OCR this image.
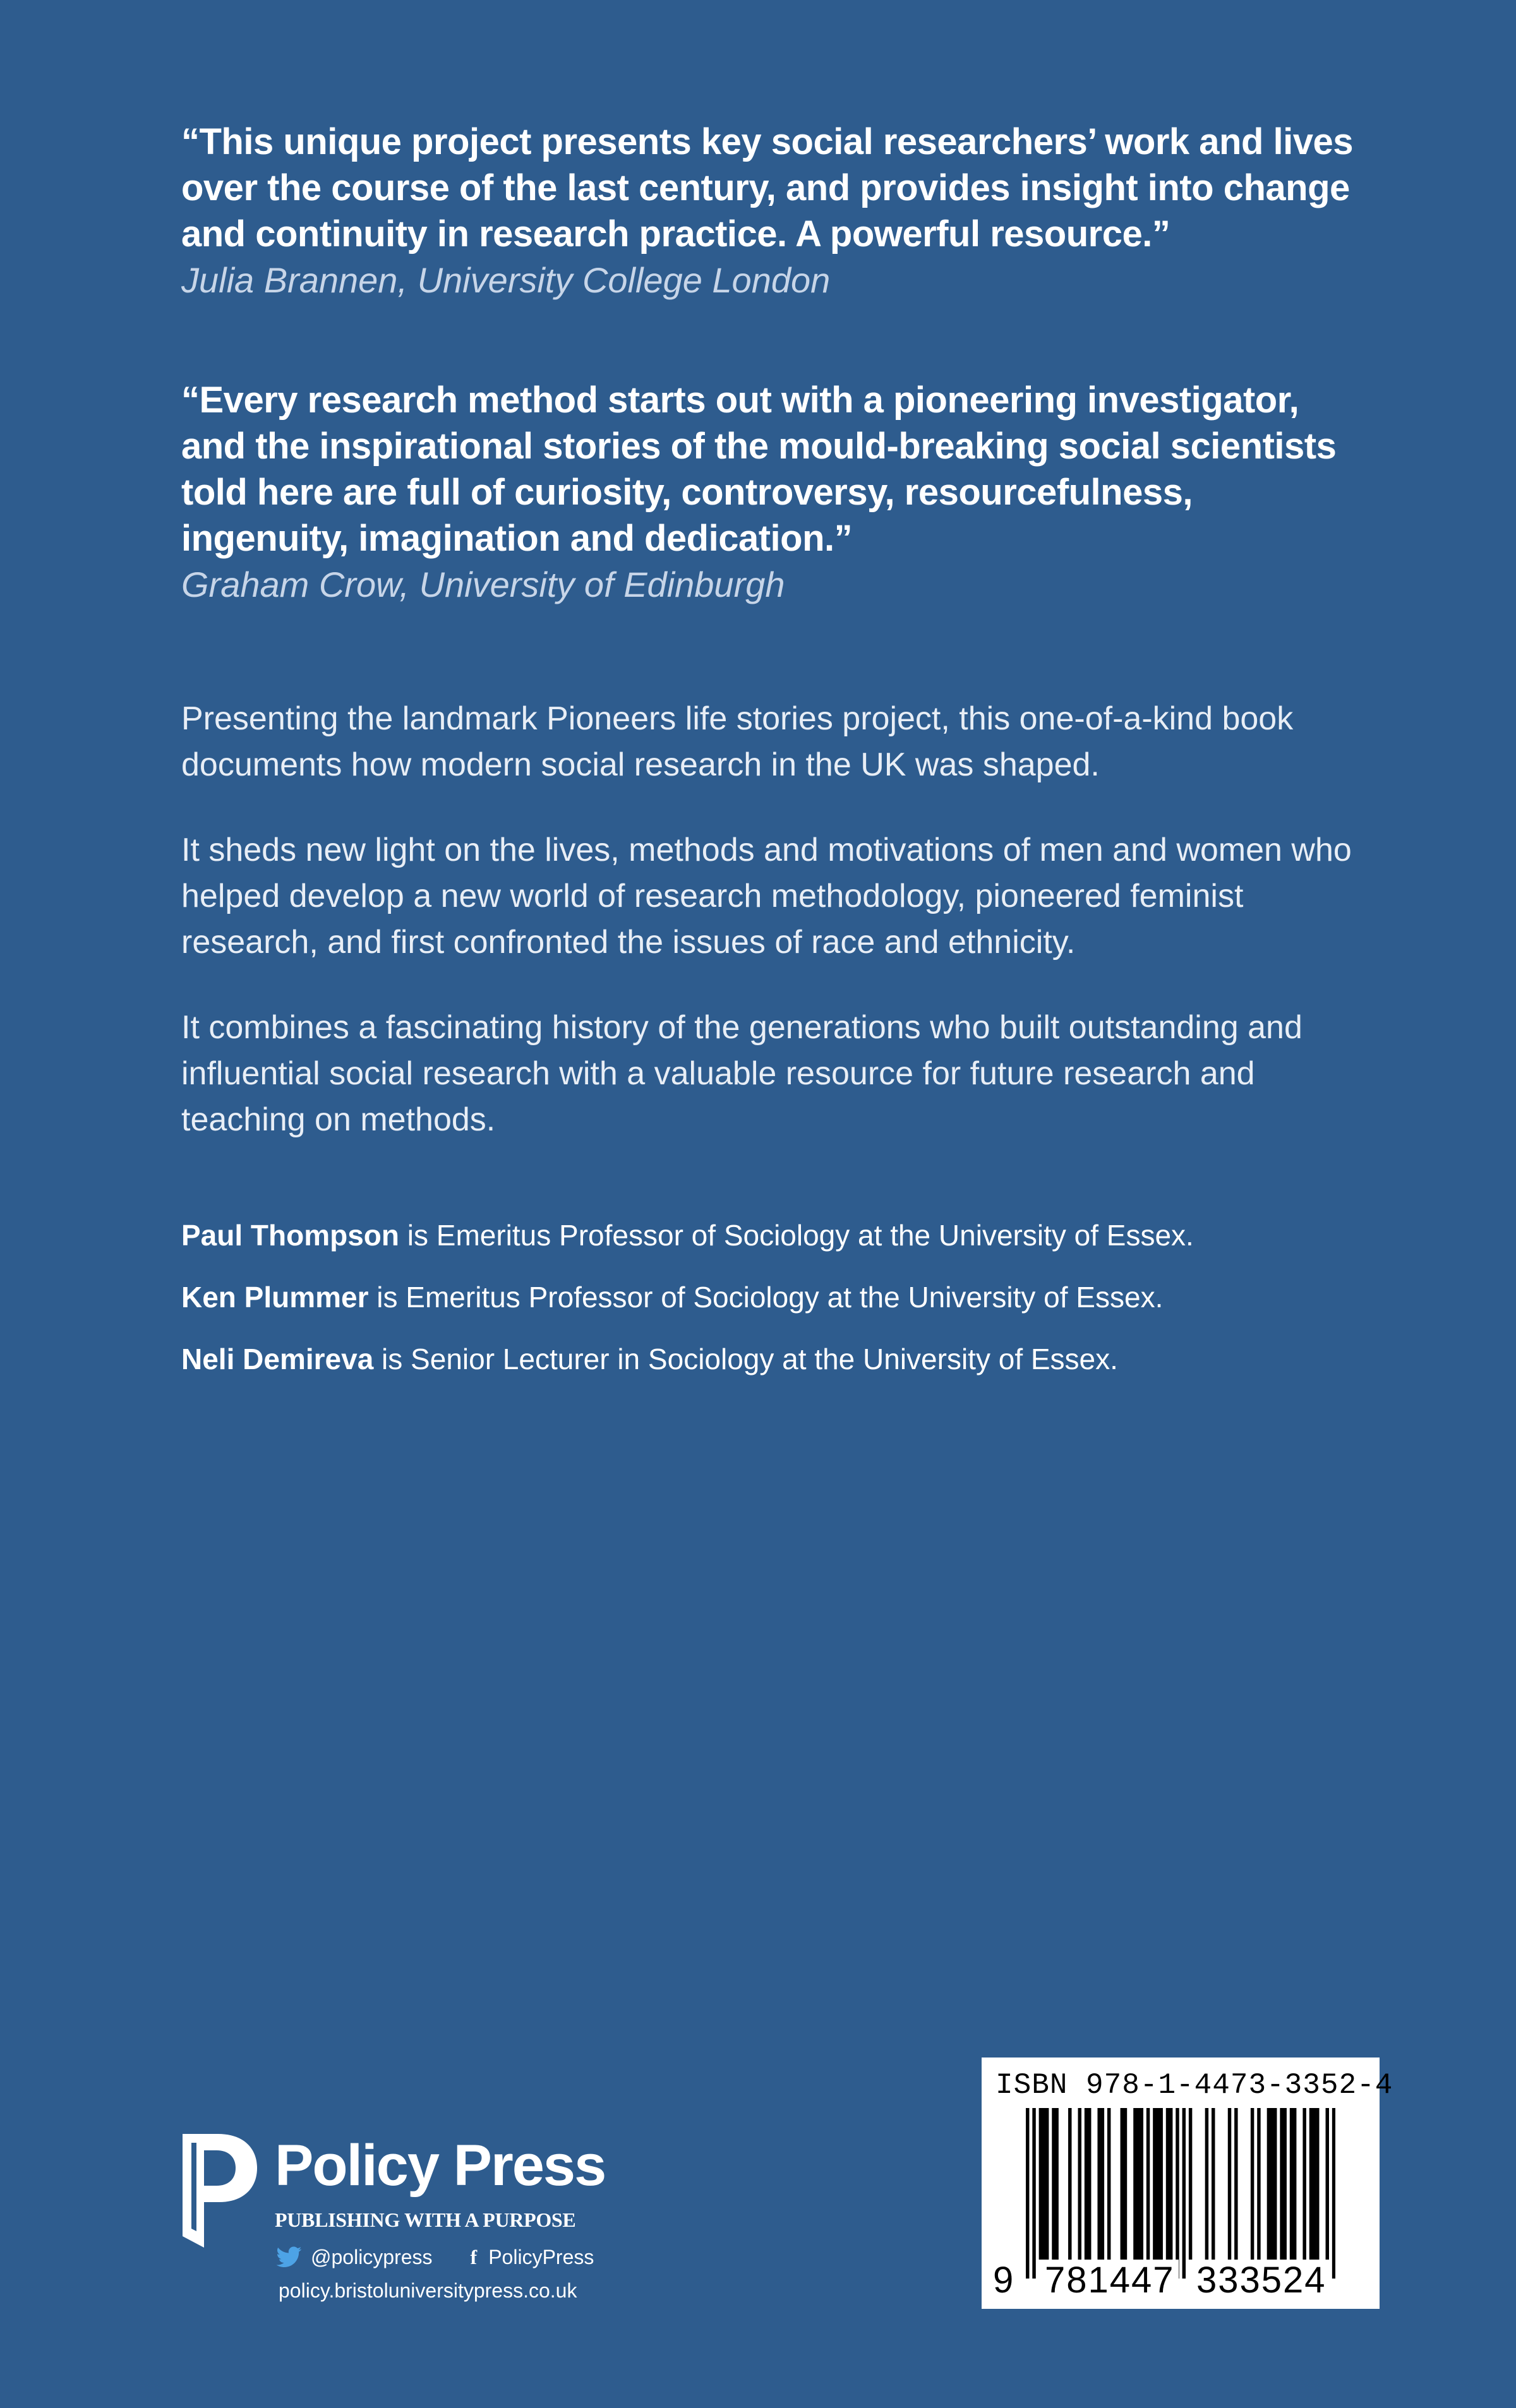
“This unique project presents key social researchers’ work and lives over the course of the last century, and provides insight into change and continuity in research practice. A powerful resource.”

Julia Brannen, University College London

“Every research method starts out with a pioneering investigator, and the inspirational stories of the mould-breaking social scientists told here are full of curiosity, controversy, resourcefulness, ingenuity, imagination and dedication.”

Graham Crow, University of Edinburgh

Presenting the landmark Pioneers life stories project, this one-of-a-kind book documents how modern social research in the UK was shaped.

It sheds new light on the lives, methods and motivations of men and women who helped develop a new world of research methodology, pioneered feminist research, and first confronted the issues of race and ethnicity.

It combines a fascinating history of the generations who built outstanding and influential social research with a valuable resource for future research and teaching on methods.

Paul Thompson is Emeritus Professor of Sociology at the University of Essex.

Ken Plummer is Emeritus Professor of Sociology at the University of Essex.

Neli Demireva is Senior Lecturer in Sociology at the University of Essex.

Policy Press
PUBLISHING WITH A PURPOSE
@policypress f PolicyPress
policy.bristoluniversitypress.co.uk
ISBN 978-1-4473-3352-4
9 781447 333524
